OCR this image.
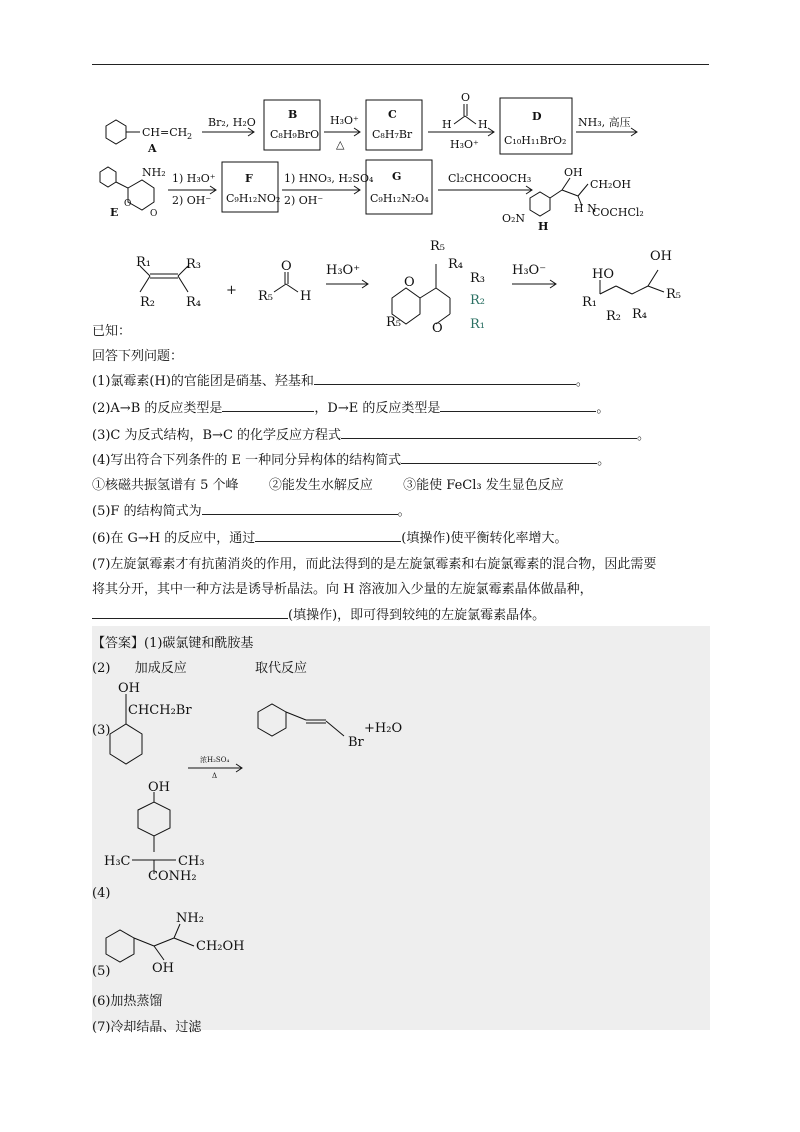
CH=CH 2
A
Br₂, H₂O
B
C₈H₉BrO
H₃O⁺
△
C
C₈H₇Br
O
H H
H₃O⁺
D
C₁₀H₁₁BrO₂
NH₃, 高压
NH₂
E
O
O
1) H₃O⁺
2) OH⁻
F
C₉H₁₂NO₂
1) HNO₃, H₂SO₄
2) OH⁻
G
C₉H₁₂N₂O₄
Cl₂CHCOOCH₃	OH
CH₂OH
H N
COCHCl₂
O₂N
H
R₁	R₃
R₂ R₄
+
O
R₅ H
H₃O⁺
R₅
R₄
R₃
R₂
R₁
R₅
O
O
H₃O⁻	HO
OH
R₁
R₂ R₄
R₅
已知：
回答下列问题：
(1)氯霉素(H)的官能团是硝基、羟基和	。
(2)A→B 的反应类型是	，D→E 的反应类型是	。
(3)C 为反式结构，B→C 的化学反应方程式	。
(4)写出符合下列条件的 E 一种同分异构体的结构简式	。
①核磁共振氢谱有 5 个峰 ②能发生水解反应 ③能使 FeCl₃ 发生显色反应
(5)F 的结构简式为	。
(6)在 G→H 的反应中，通过	(填操作)使平衡转化率增大。
(7)左旋氯霉素才有抗菌消炎的作用，而此法得到的是左旋氯霉素和右旋氯霉素的混合物，因此需要
将其分开，其中一种方法是诱导析晶法。向 H 溶液加入少量的左旋氯霉素晶体做晶种，
(填操作)，即可得到较纯的左旋氯霉素晶体。
【答案】(1)碳氯键和酰胺基
(2) 加成反应	取代反应
OH
CHCH₂Br
(3)
Br
+H₂O
浓H₂SO₄
Δ
OH
H₃C	CH₃
CONH₂
(4)
NH₂
CH₂OH
OH
(5)
(6)加热蒸馏
(7)冷却结晶、过滤
